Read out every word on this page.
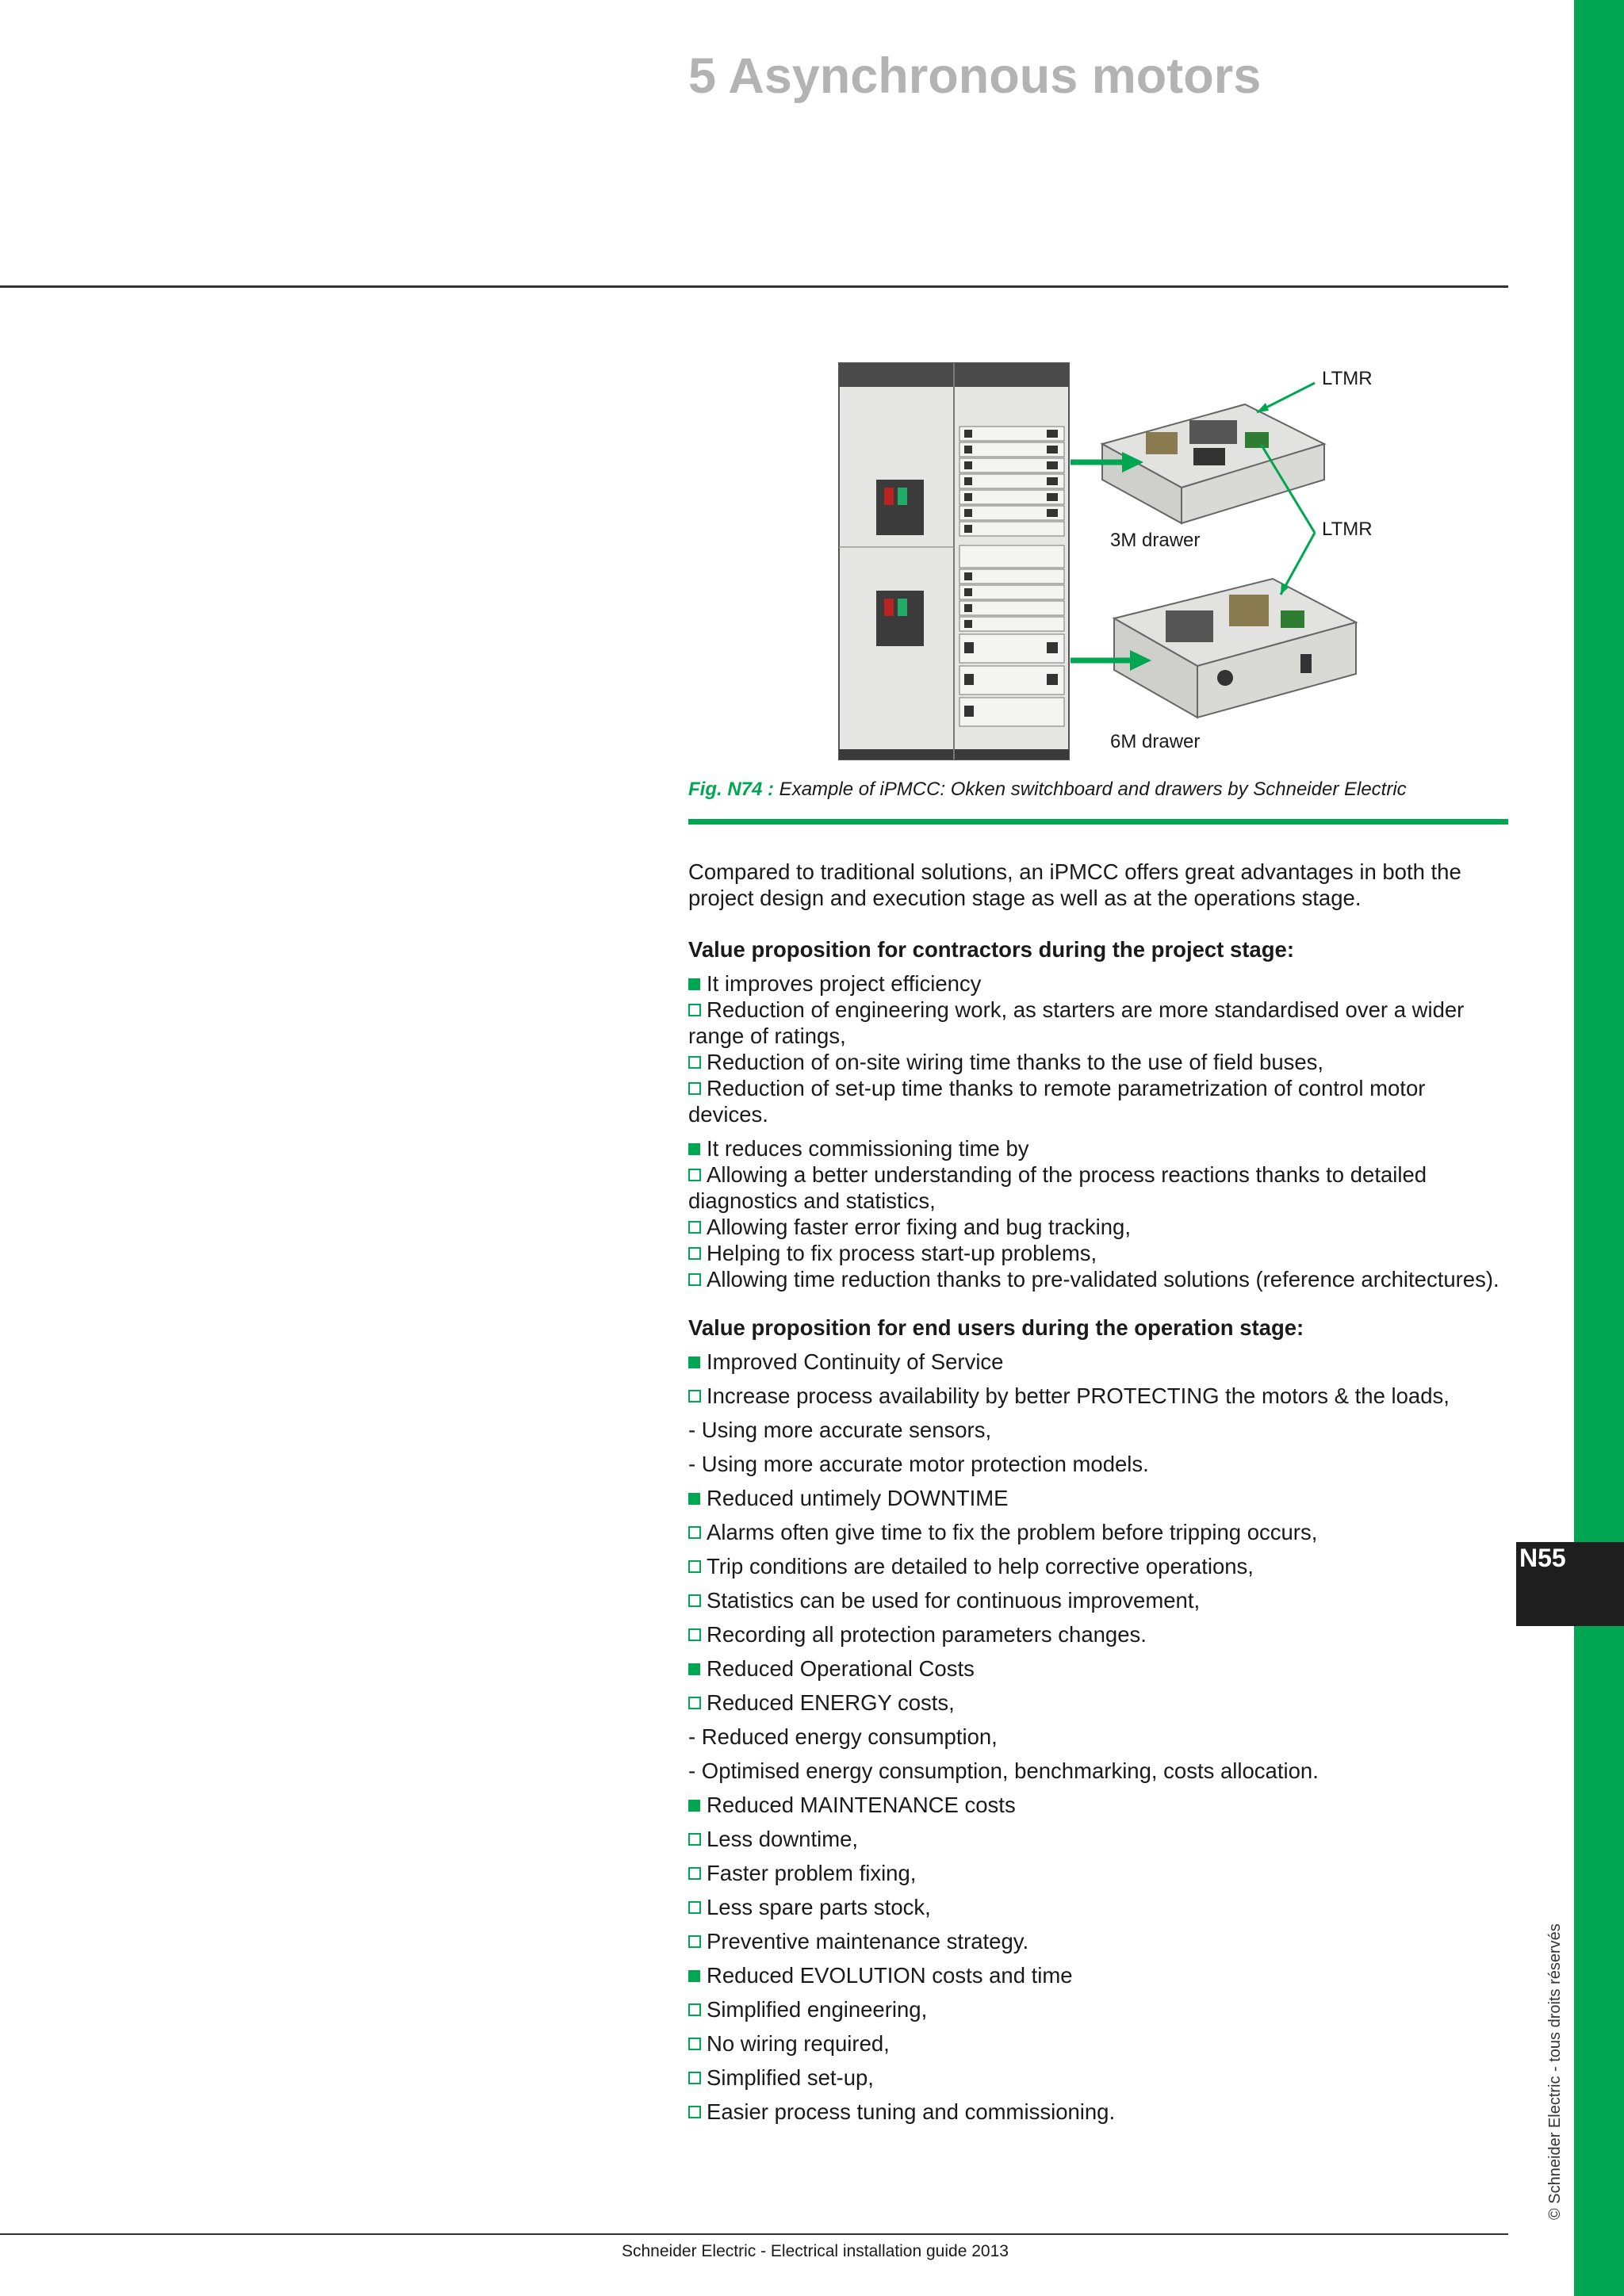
N55
© Schneider Electric - tous droits réservés
5 Asynchronous motors
LTMR
LTMR
3M drawer
6M drawer
Fig. N74 : Example of iPMCC: Okken switchboard and drawers by Schneider Electric

Compared to traditional solutions, an iPMCC offers great advantages in both the project design and execution stage as well as at the operations stage.

Value proposition for contractors during the project stage:

It improves project efficiency

Reduction of engineering work, as starters are more standardised over a wider range of ratings,

Reduction of on-site wiring time thanks to the use of field buses,

Reduction of set-up time thanks to remote parametrization of control motor devices.

It reduces commissioning time by

Allowing a better understanding of the process reactions thanks to detailed diagnostics and statistics,

Allowing faster error fixing and bug tracking,

Helping to fix process start-up problems,

Allowing time reduction thanks to pre-validated solutions (reference architectures).

Value proposition for end users during the operation stage:

Improved Continuity of Service

Increase process availability by better PROTECTING the motors & the loads,

- Using more accurate sensors,

- Using more accurate motor protection models.

Reduced untimely DOWNTIME

Alarms often give time to fix the problem before tripping occurs,

Trip conditions are detailed to help corrective operations,

Statistics can be used for continuous improvement,

Recording all protection parameters changes.

Reduced Operational Costs

Reduced ENERGY costs,

- Reduced energy consumption,

- Optimised energy consumption, benchmarking, costs allocation.

Reduced MAINTENANCE costs

Less downtime,

Faster problem fixing,

Less spare parts stock,

Preventive maintenance strategy.

Reduced EVOLUTION costs and time

Simplified engineering,

No wiring required,

Simplified set-up,

Easier process tuning and commissioning.

Schneider Electric - Electrical installation guide 2013
